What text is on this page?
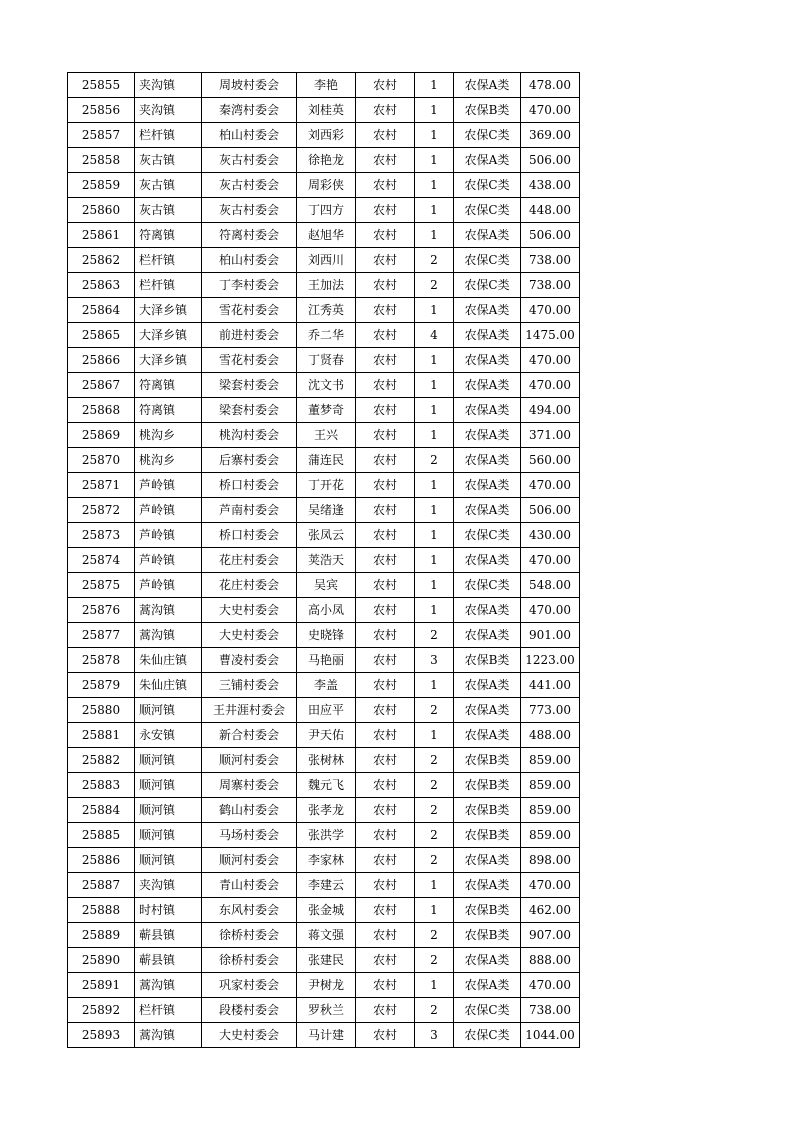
25855	夹沟镇	周坡村委会	李艳	农村	1	农保A类	478.00
25856	夹沟镇	秦湾村委会	刘桂英	农村	1	农保B类	470.00
25857	栏杆镇	柏山村委会	刘西彩	农村	1	农保C类	369.00
25858	灰古镇	灰古村委会	徐艳龙	农村	1	农保A类	506.00
25859	灰古镇	灰古村委会	周彩侠	农村	1	农保C类	438.00
25860	灰古镇	灰古村委会	丁四方	农村	1	农保C类	448.00
25861	符离镇	符离村委会	赵旭华	农村	1	农保A类	506.00
25862	栏杆镇	柏山村委会	刘西川	农村	2	农保C类	738.00
25863	栏杆镇	丁李村委会	王加法	农村	2	农保C类	738.00
25864	大泽乡镇	雪花村委会	江秀英	农村	1	农保A类	470.00
25865	大泽乡镇	前进村委会	乔二华	农村	4	农保A类	1475.00
25866	大泽乡镇	雪花村委会	丁贤春	农村	1	农保A类	470.00
25867	符离镇	梁套村委会	沈文书	农村	1	农保A类	470.00
25868	符离镇	梁套村委会	董梦奇	农村	1	农保A类	494.00
25869	桃沟乡	桃沟村委会	王兴	农村	1	农保A类	371.00
25870	桃沟乡	后寨村委会	蒲连民	农村	2	农保A类	560.00
25871	芦岭镇	桥口村委会	丁开花	农村	1	农保A类	470.00
25872	芦岭镇	芦南村委会	吴绪逢	农村	1	农保A类	506.00
25873	芦岭镇	桥口村委会	张凤云	农村	1	农保C类	430.00
25874	芦岭镇	花庄村委会	荚浩天	农村	1	农保A类	470.00
25875	芦岭镇	花庄村委会	吴宾	农村	1	农保C类	548.00
25876	蒿沟镇	大史村委会	高小凤	农村	1	农保A类	470.00
25877	蒿沟镇	大史村委会	史晓锋	农村	2	农保A类	901.00
25878	朱仙庄镇	曹凌村委会	马艳丽	农村	3	农保B类	1223.00
25879	朱仙庄镇	三铺村委会	李盖	农村	1	农保A类	441.00
25880	顺河镇	王井涯村委会	田应平	农村	2	农保A类	773.00
25881	永安镇	新合村委会	尹天佑	农村	1	农保A类	488.00
25882	顺河镇	顺河村委会	张树林	农村	2	农保B类	859.00
25883	顺河镇	周寨村委会	魏元飞	农村	2	农保B类	859.00
25884	顺河镇	鹤山村委会	张孝龙	农村	2	农保B类	859.00
25885	顺河镇	马场村委会	张洪学	农村	2	农保B类	859.00
25886	顺河镇	顺河村委会	李家林	农村	2	农保A类	898.00
25887	夹沟镇	青山村委会	李建云	农村	1	农保A类	470.00
25888	时村镇	东风村委会	张金城	农村	1	农保B类	462.00
25889	蕲县镇	徐桥村委会	蒋文强	农村	2	农保B类	907.00
25890	蕲县镇	徐桥村委会	张建民	农村	2	农保A类	888.00
25891	蒿沟镇	巩家村委会	尹树龙	农村	1	农保A类	470.00
25892	栏杆镇	段楼村委会	罗秋兰	农村	2	农保C类	738.00
25893	蒿沟镇	大史村委会	马计建	农村	3	农保C类	1044.00
